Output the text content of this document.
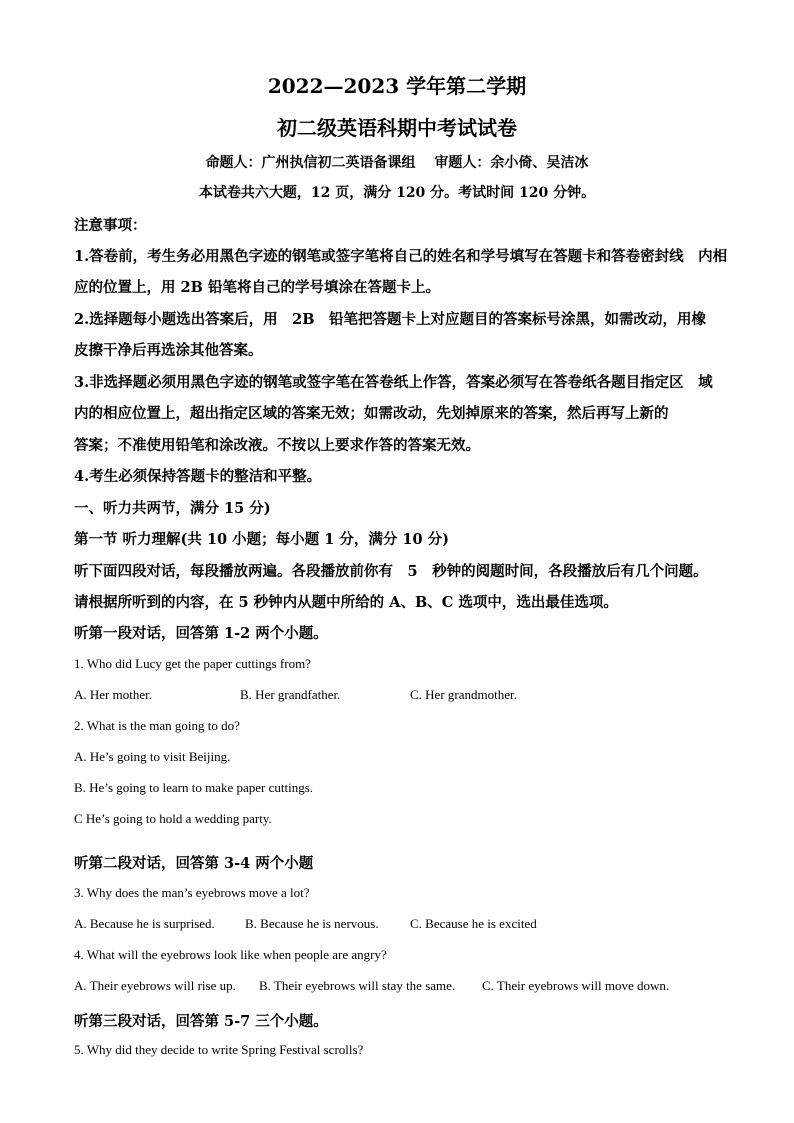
2022—2023 学年第二学期
初二级英语科期中考试试卷
命题人：广州执信初二英语备课组　 审题人：余小倚、吴洁冰
本试卷共六大题，12 页，满分 120 分。考试时间 120 分钟。
注意事项：
1.答卷前，考生务必用黑色字迹的钢笔或签字笔将自己的姓名和学号填写在答题卡和答卷密封线　内相
应的位置上，用 2B 铅笔将自己的学号填涂在答题卡上。
2.选择题每小题选出答案后，用　2B　铅笔把答题卡上对应题目的答案标号涂黑，如需改动，用橡
皮擦干净后再选涂其他答案。
3.非选择题必须用黑色字迹的钢笔或签字笔在答卷纸上作答，答案必须写在答卷纸各题目指定区　域
内的相应位置上，超出指定区域的答案无效；如需改动，先划掉原来的答案，然后再写上新的
答案；不准使用铅笔和涂改液。不按以上要求作答的答案无效。
4.考生必须保持答题卡的整洁和平整。
一、听力共两节，满分 15 分)
第一节 听力理解(共 10 小题；每小题 1 分，满分 10 分)
听下面四段对话，每段播放两遍。各段播放前你有　5　秒钟的阅题时间，各段播放后有几个问题。
请根据所听到的内容，在 5 秒钟内从题中所给的 A、B、C 选项中，选出最佳选项。
听第一段对话，回答第 1-2 两个小题。
1. Who did Lucy get the paper cuttings from?
A. Her mother.	B. Her grandfather.	C. Her grandmother.
2. What is the man going to do?
A. He’s going to visit Beijing.
B. He’s going to learn to make paper cuttings.
C He’s going to hold a wedding party.
听第二段对话，回答第 3-4 两个小题
3. Why does the man’s eyebrows move a lot?
A. Because he is surprised. B. Because he is nervous. C. Because he is excited
4. What will the eyebrows look like when people are angry?
A. Their eyebrows will rise up. B. Their eyebrows will stay the same. C. Their eyebrows will move down.
听第三段对话，回答第 5-7 三个小题。
5. Why did they decide to write Spring Festival scrolls?
